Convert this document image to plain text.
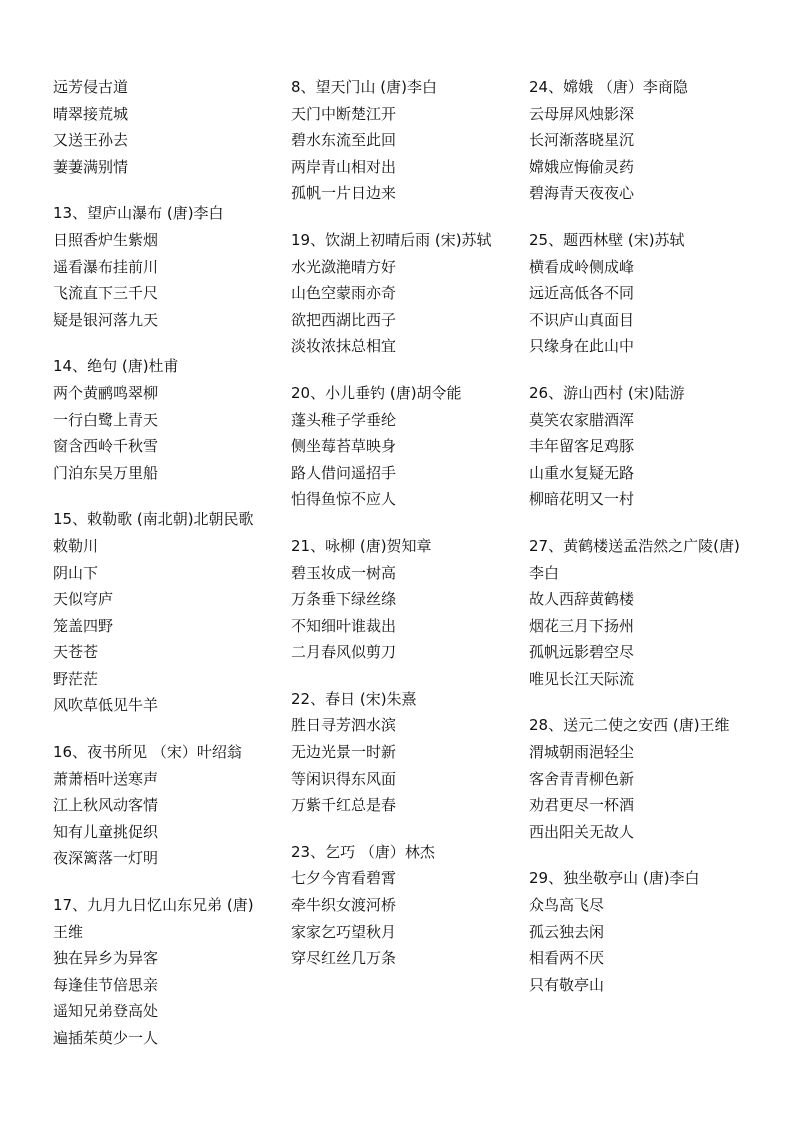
远芳侵古道
晴翠接荒城
又送王孙去
萋萋满别情
13、望庐山瀑布 (唐)李白
日照香炉生紫烟
遥看瀑布挂前川
飞流直下三千尺
疑是银河落九天
14、绝句 (唐)杜甫
两个黄鹂鸣翠柳
一行白鹭上青天
窗含西岭千秋雪
门泊东吴万里船
15、敕勒歌 (南北朝)北朝民歌
敕勒川
阴山下
天似穹庐
笼盖四野
天苍苍
野茫茫
风吹草低见牛羊
16、夜书所见 （宋）叶绍翁
萧萧梧叶送寒声
江上秋风动客情
知有儿童挑促织
夜深篱落一灯明
17、九月九日忆山东兄弟 (唐)
王维
独在异乡为异客
每逢佳节倍思亲
遥知兄弟登高处
遍插茱萸少一人
8、望天门山 (唐)李白
天门中断楚江开
碧水东流至此回
两岸青山相对出
孤帆一片日边来
19、饮湖上初晴后雨 (宋)苏轼
水光潋滟晴方好
山色空蒙雨亦奇
欲把西湖比西子
淡妆浓抹总相宜
20、小儿垂钓 (唐)胡令能
蓬头稚子学垂纶
侧坐莓苔草映身
路人借问遥招手
怕得鱼惊不应人
21、咏柳 (唐)贺知章
碧玉妆成一树高
万条垂下绿丝绦
不知细叶谁裁出
二月春风似剪刀
22、春日 (宋)朱熹
胜日寻芳泗水滨
无边光景一时新
等闲识得东风面
万紫千红总是春
23、乞巧 （唐）林杰
七夕今宵看碧霄
牵牛织女渡河桥
家家乞巧望秋月
穿尽红丝几万条
24、嫦娥 （唐）李商隐
云母屏风烛影深
长河渐落晓星沉
嫦娥应悔偷灵药
碧海青天夜夜心
25、题西林壁 (宋)苏轼
横看成岭侧成峰
远近高低各不同
不识庐山真面目
只缘身在此山中
26、游山西村 (宋)陆游
莫笑农家腊酒浑
丰年留客足鸡豚
山重水复疑无路
柳暗花明又一村
27、黄鹤楼送孟浩然之广陵(唐)
李白
故人西辞黄鹤楼
烟花三月下扬州
孤帆远影碧空尽
唯见长江天际流
28、送元二使之安西 (唐)王维
渭城朝雨浥轻尘
客舍青青柳色新
劝君更尽一杯酒
西出阳关无故人
29、独坐敬亭山 (唐)李白
众鸟高飞尽
孤云独去闲
相看两不厌
只有敬亭山
